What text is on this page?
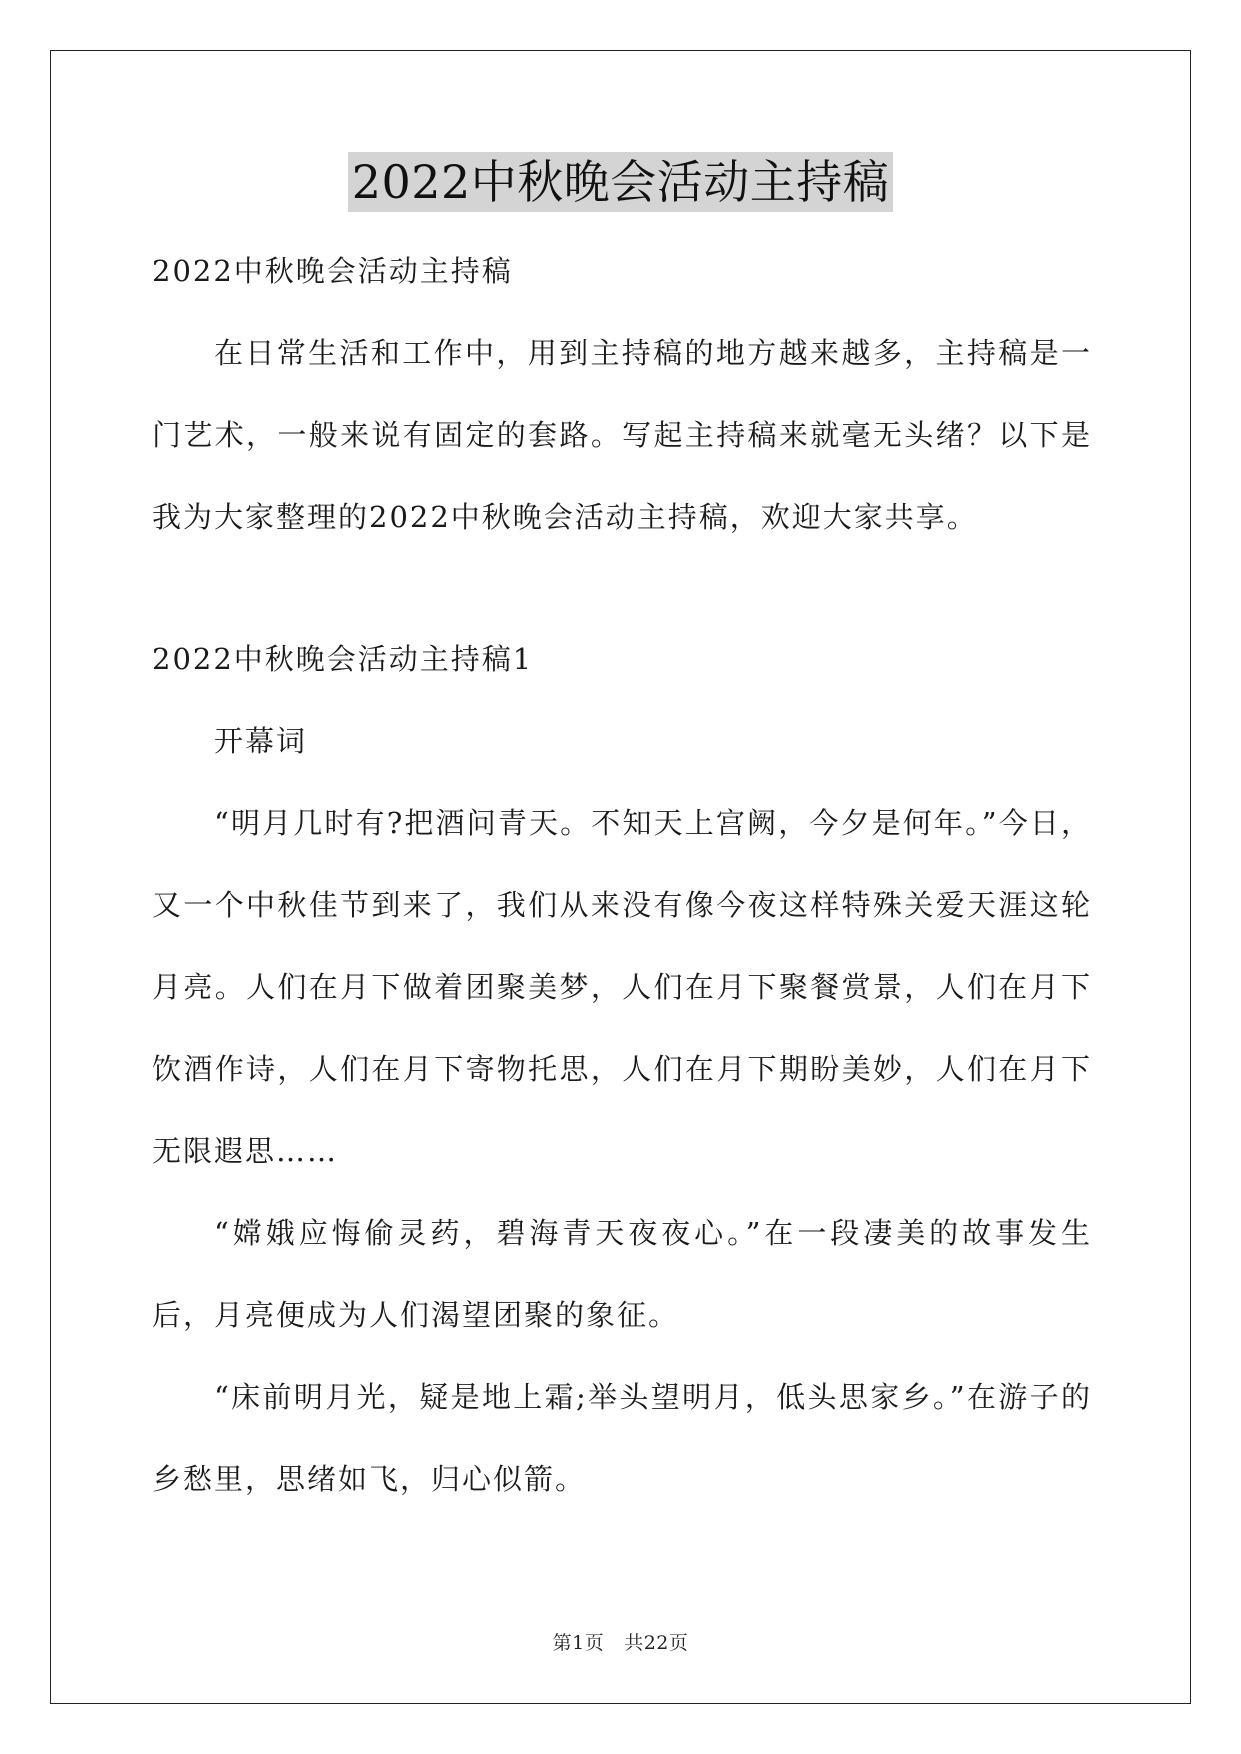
2022中秋晚会活动主持稿

2022中秋晚会活动主持稿

在日常生活和工作中，用到主持稿的地方越来越多，主持稿是一门艺术，一般来说有固定的套路。写起主持稿来就毫无头绪？以下是我为大家整理的2022中秋晚会活动主持稿，欢迎大家共享。

2022中秋晚会活动主持稿1

开幕词

“明月几时有?把酒问青天。不知天上宫阙，今夕是何年。”今日，又一个中秋佳节到来了，我们从来没有像今夜这样特殊关爱天涯这轮月亮。人们在月下做着团聚美梦，人们在月下聚餐赏景，人们在月下饮酒作诗，人们在月下寄物托思，人们在月下期盼美妙，人们在月下无限遐思……

“嫦娥应悔偷灵药，碧海青天夜夜心。”在一段凄美的故事发生后，月亮便成为人们渴望团聚的象征。

“床前明月光，疑是地上霜;举头望明月，低头思家乡。”在游子的乡愁里，思绪如飞，归心似箭。

第1页 共22页
